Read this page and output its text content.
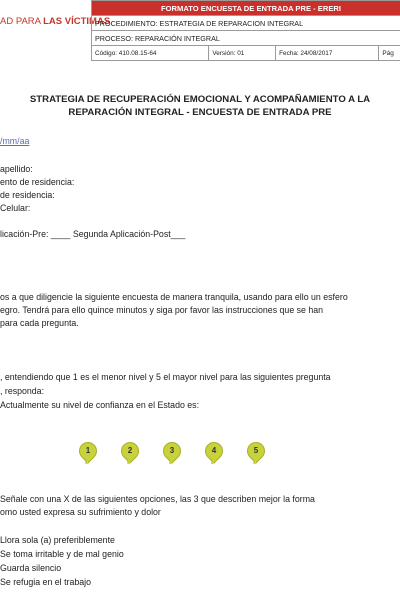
AD PARA LAS VÍCTIMAS
FORMATO ENCUESTA DE ENTRADA PRE - ERERI
PROCEDIMIENTO: ESTRATEGIA DE REPARACION INTEGRAL
PROCESO: REPARACIÓN INTEGRAL
Código: 410.08.15-64	Versión: 01	Fecha: 24/08/2017	Pág
STRATEGIA DE RECUPERACIÓN EMOCIONAL Y ACOMPAÑAMIENTO A LA REPARACIÓN INTEGRAL - ENCUESTA DE ENTRADA PRE
/mm/aa
apellido:
ento de residencia:
de residencia:
Celular:
licación-Pre: ____ Segunda Aplicación-Post___
os a que diligencie la siguiente encuesta de manera tranquila, usando para ello un esfero
egro. Tendrá para ello quince minutos y siga por favor las instrucciones que se han
para cada pregunta.
, entendiendo que 1 es el menor nivel y 5 el mayor nivel para las siguientes pregunta
, responda:
Actualmente su nivel de confianza en el Estado es:
1	2	3	4	5
Señale con una X de las siguientes opciones, las 3 que describen mejor la forma
omo usted expresa su sufrimiento y dolor
Llora sola (a) preferiblemente
Se toma irritable y de mal genio
Guarda silencio
Se refugia en el trabajo
